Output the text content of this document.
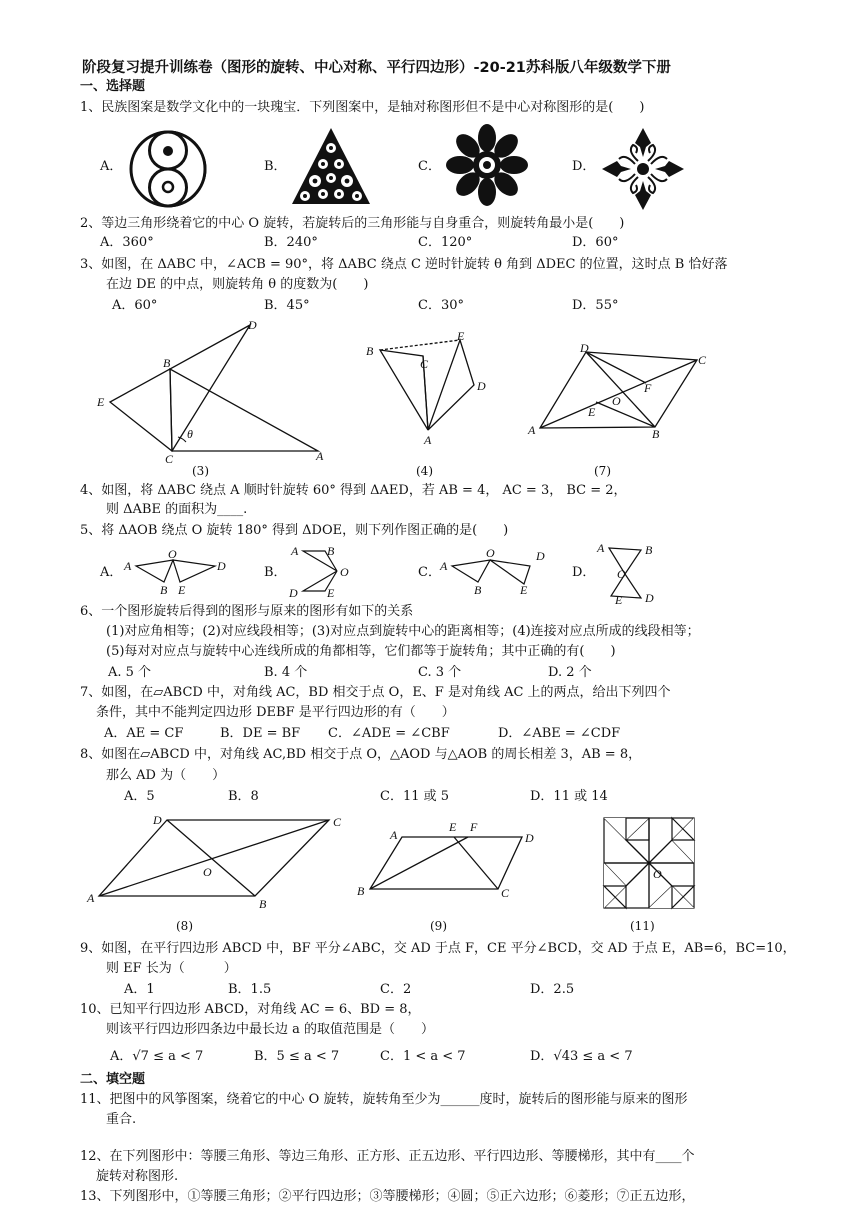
阶段复习提升训练卷（图形的旋转、中心对称、平行四边形）-20-21苏科版八年级数学下册
一、选择题
1、民族图案是数学文化中的一块瑰宝．下列图案中，是轴对称图形但不是中心对称图形的是(　　)
A．	B．	C．	D．
2、等边三角形绕着它的中心 O 旋转，若旋转后的三角形能与自身重合，则旋转角最小是(　　)
A．360°	B．240°	C．120°	D．60°
3、如图，在 ΔABC 中，∠ACB = 90°，将 ΔABC 绕点 C 逆时针旋转 θ 角到 ΔDEC 的位置，这时点 B 恰好落
在边 DE 的中点，则旋转角 θ 的度数为(　　)
A．60°	B．45°	C．30°	D．55°
D
B
E
C	A
θ
B
C
E
D
A
D
C
F
O
E
A	B
(3)	(4)	(7)
4、如图，将 ΔABC 绕点 A 顺时针旋转 60° 得到 ΔAED，若 AB = 4， AC = 3， BC = 2，
则 ΔABE 的面积为____.
5、将 ΔAOB 绕点 O 旋转 180° 得到 ΔDOE，则下列作图正确的是(　　)
A．	B．	C．	D．
A
O
B E
D
A B
O
D E
A
O
B	E
D
A	B
O
D
E
6、一个图形旋转后得到的图形与原来的图形有如下的关系
(1)对应角相等；(2)对应线段相等；(3)对应点到旋转中心的距离相等；(4)连接对应点所成的线段相等；
(5)每对对应点与旋转中心连线所成的角都相等，它们都等于旋转角；其中正确的有(　　)
A. 5 个	B. 4 个	C. 3 个	D. 2 个
7、如图，在▱ABCD 中，对角线 AC，BD 相交于点 O，E、F 是对角线 AC 上的两点，给出下列四个
条件，其中不能判定四边形 DEBF 是平行四边形的有（　　）
A．AE = CF	B．DE = BF C．∠ADE = ∠CBF	D．∠ABE = ∠CDF
8、如图在▱ABCD 中，对角线 AC,BD 相交于点 O，△AOD 与△AOB 的周长相差 3，AB = 8，
那么 AD 为（　　）
A．5	B．8	C．11 或 5	D．11 或 14
D	C
O
A	B
A
E F
D
B	C
O
(8)	(9)	(11)
9、如图，在平行四边形 ABCD 中，BF 平分∠ABC，交 AD 于点 F，CE 平分∠BCD，交 AD 于点 E，AB=6，BC=10，
则 EF 长为（　　　）
A．1	B．1.5	C．2	D．2.5
10、已知平行四边形 ABCD，对角线 AC = 6、BD = 8，
则该平行四边形四条边中最长边 a 的取值范围是（　　）
A．√7 ≤ a < 7	B．5 ≤ a < 7	C．1 < a < 7	D．√43 ≤ a < 7
二、填空题
11、把图中的风筝图案，绕着它的中心 O 旋转，旋转角至少为______度时，旋转后的图形能与原来的图形
重合.
12、在下列图形中：等腰三角形、等边三角形、正方形、正五边形、平行四边形、等腰梯形，其中有____个
旋转对称图形.
13、下列图形中，①等腰三角形；②平行四边形；③等腰梯形；④圆；⑤正六边形；⑥菱形；⑦正五边形，
